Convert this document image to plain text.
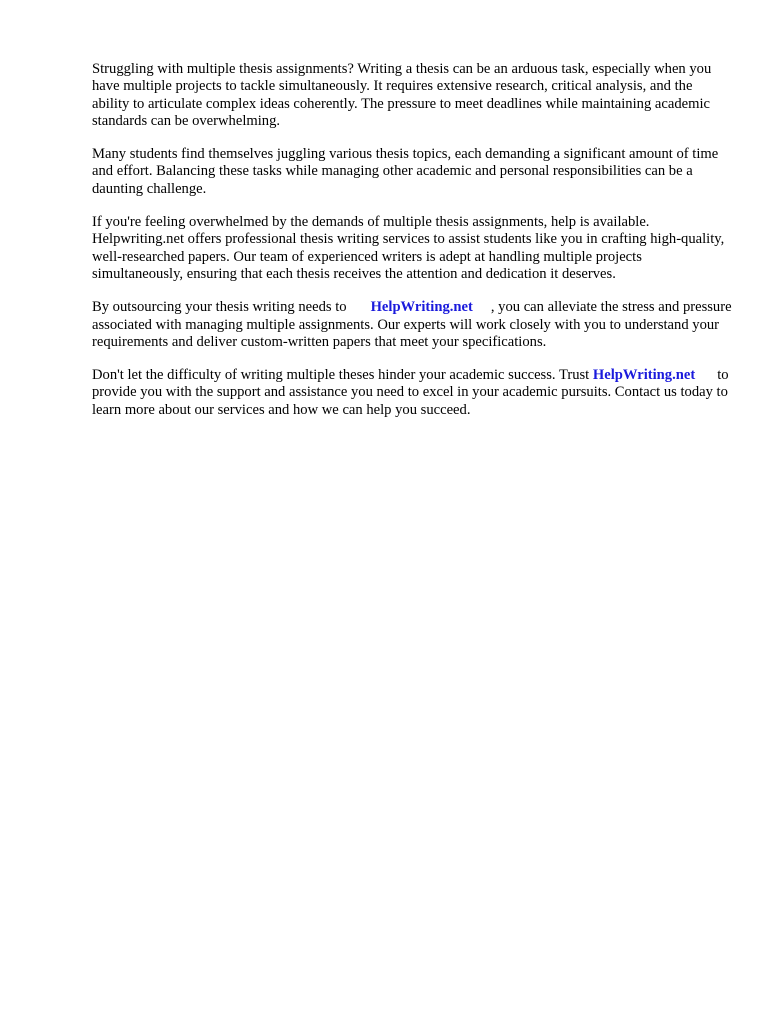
Struggling with multiple thesis assignments? Writing a thesis can be an arduous task, especially when you have multiple projects to tackle simultaneously. It requires extensive research, critical analysis, and the ability to articulate complex ideas coherently. The pressure to meet deadlines while maintaining academic standards can be overwhelming.

Many students find themselves juggling various thesis topics, each demanding a significant amount of time and effort. Balancing these tasks while managing other academic and personal responsibilities can be a daunting challenge.

If you're feeling overwhelmed by the demands of multiple thesis assignments, help is available. Helpwriting.net offers professional thesis writing services to assist students like you in crafting high-quality, well-researched papers. Our team of experienced writers is adept at handling multiple projects simultaneously, ensuring that each thesis receives the attention and dedication it deserves.

By outsourcing your thesis writing needs to HelpWriting.net , you can alleviate the stress and pressure associated with managing multiple assignments. Our experts will work closely with you to understand your requirements and deliver custom-written papers that meet your specifications.

Don't let the difficulty of writing multiple theses hinder your academic success. Trust HelpWriting.net to provide you with the support and assistance you need to excel in your academic pursuits. Contact us today to learn more about our services and how we can help you succeed.
